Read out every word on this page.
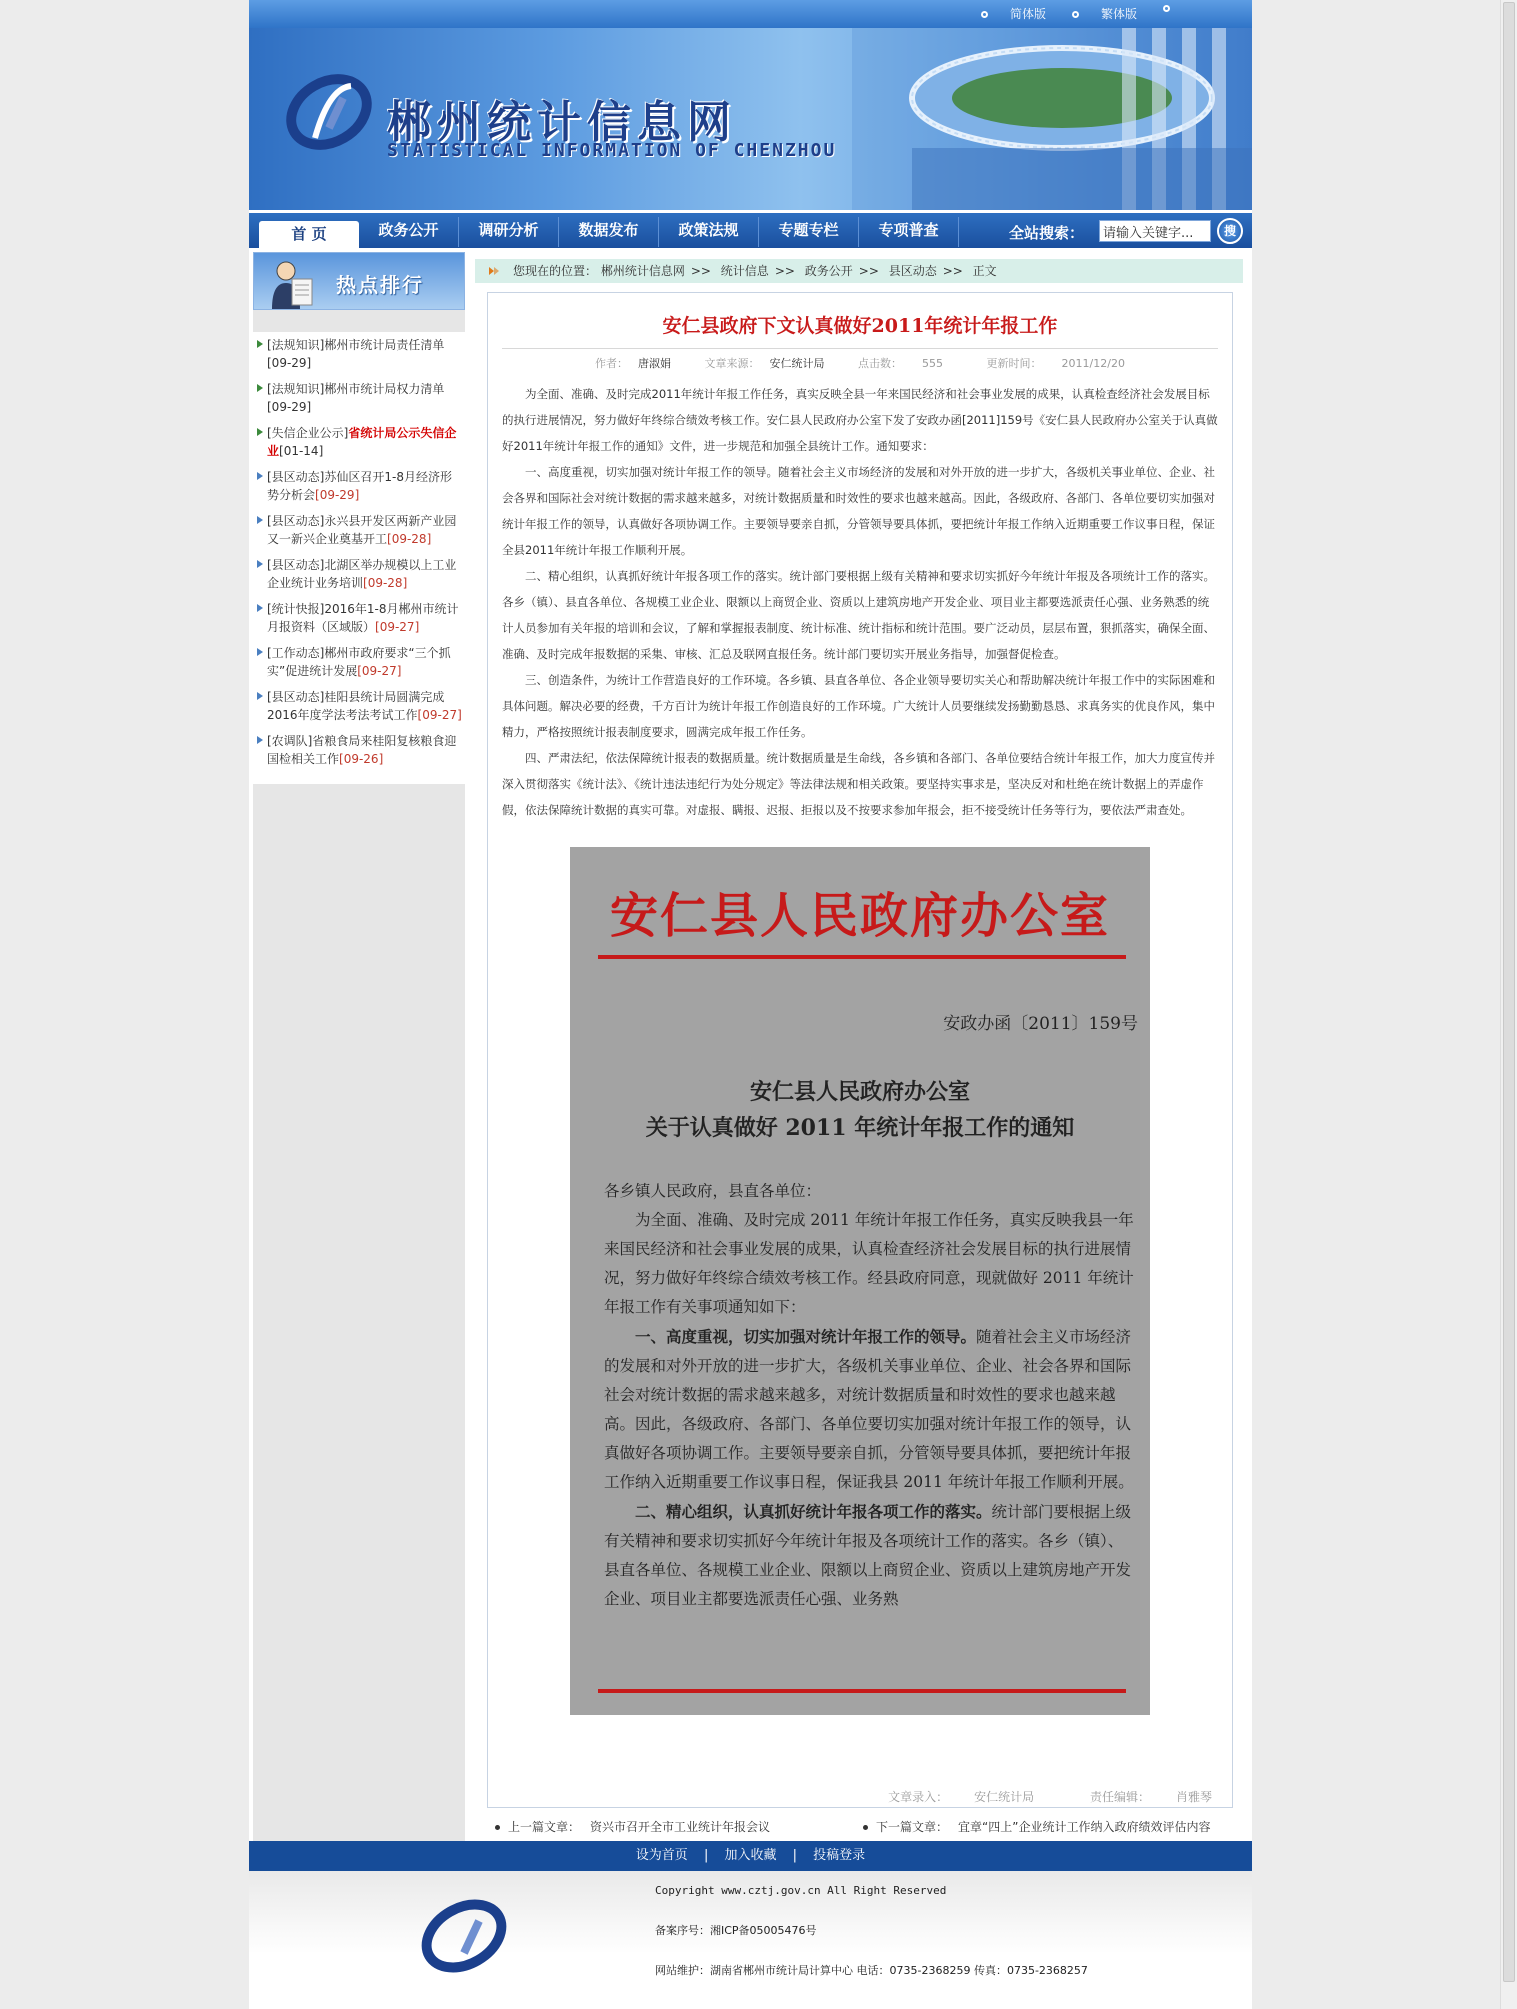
简体版	繁体版
郴州统计信息网
STATISTICAL INFORMATION OF CHENZHOU
首 页	政务公开	调研分析	数据发布	政策法规	专题专栏	专项普查	全站搜索：
请输入关键字...	搜
热点排行
[法规知识]郴州市统计局责任清单
[09-29]
[法规知识]郴州市统计局权力清单
[09-29]
[失信企业公示]省统计局公示失信企业[01-14]
[县区动态]苏仙区召开1-8月经济形势分析会[09-29]
[县区动态]永兴县开发区两新产业园又一新兴企业奠基开工[09-28]
[县区动态]北湖区举办规模以上工业企业统计业务培训[09-28]
[统计快报]2016年1-8月郴州市统计月报资料（区域版）[09-27]
[工作动态]郴州市政府要求“三个抓实”促进统计发展[09-27]
[县区动态]桂阳县统计局圆满完成2016年度学法考法考试工作[09-27]
[农调队]省粮食局来桂阳复核粮食迎国检相关工作[09-26]
您现在的位置： 郴州统计信息网 >> 统计信息 >> 政务公开 >> 县区动态 >> 正文
安仁县政府下文认真做好2011年统计年报工作
作者： 唐淑娟	文章来源： 安仁统计局	点击数： 555	更新时间： 2011/12/20

为全面、准确、及时完成2011年统计年报工作任务，真实反映全县一年来国民经济和社会事业发展的成果，认真检查经济社会发展目标的执行进展情况，努力做好年终综合绩效考核工作。安仁县人民政府办公室下发了安政办函[2011]159号《安仁县人民政府办公室关于认真做好2011年统计年报工作的通知》文件，进一步规范和加强全县统计工作。通知要求：

一、高度重视，切实加强对统计年报工作的领导。随着社会主义市场经济的发展和对外开放的进一步扩大，各级机关事业单位、企业、社会各界和国际社会对统计数据的需求越来越多，对统计数据质量和时效性的要求也越来越高。因此，各级政府、各部门、各单位要切实加强对统计年报工作的领导，认真做好各项协调工作。主要领导要亲自抓，分管领导要具体抓，要把统计年报工作纳入近期重要工作议事日程，保证全县2011年统计年报工作顺利开展。

二、精心组织，认真抓好统计年报各项工作的落实。统计部门要根据上级有关精神和要求切实抓好今年统计年报及各项统计工作的落实。各乡（镇）、县直各单位、各规模工业企业、限额以上商贸企业、资质以上建筑房地产开发企业、项目业主都要选派责任心强、业务熟悉的统计人员参加有关年报的培训和会议，了解和掌握报表制度、统计标准、统计指标和统计范围。要广泛动员，层层布置，狠抓落实，确保全面、准确、及时完成年报数据的采集、审核、汇总及联网直报任务。统计部门要切实开展业务指导，加强督促检查。

三、创造条件，为统计工作营造良好的工作环境。各乡镇、县直各单位、各企业领导要切实关心和帮助解决统计年报工作中的实际困难和具体问题。解决必要的经费，千方百计为统计年报工作创造良好的工作环境。广大统计人员要继续发扬勤勤恳恳、求真务实的优良作风，集中精力，严格按照统计报表制度要求，圆满完成年报工作任务。

四、严肃法纪，依法保障统计报表的数据质量。统计数据质量是生命线，各乡镇和各部门、各单位要结合统计年报工作，加大力度宣传并深入贯彻落实《统计法》、《统计违法违纪行为处分规定》等法律法规和相关政策。要坚持实事求是，坚决反对和杜绝在统计数据上的弄虚作假，依法保障统计数据的真实可靠。对虚报、瞒报、迟报、拒报以及不按要求参加年报会，拒不接受统计任务等行为，要依法严肃查处。

安仁县人民政府办公室
安政办函〔2011〕159号
安仁县人民政府办公室
关于认真做好 2011 年统计年报工作的通知

各乡镇人民政府，县直各单位：

为全面、准确、及时完成 2011 年统计年报工作任务，真实反映我县一年来国民经济和社会事业发展的成果，认真检查经济社会发展目标的执行进展情况，努力做好年终综合绩效考核工作。经县政府同意，现就做好 2011 年统计年报工作有关事项通知如下：

一、高度重视，切实加强对统计年报工作的领导。随着社会主义市场经济的发展和对外开放的进一步扩大，各级机关事业单位、企业、社会各界和国际社会对统计数据的需求越来越多，对统计数据质量和时效性的要求也越来越高。因此，各级政府、各部门、各单位要切实加强对统计年报工作的领导，认真做好各项协调工作。主要领导要亲自抓，分管领导要具体抓，要把统计年报工作纳入近期重要工作议事日程，保证我县 2011 年统计年报工作顺利开展。

二、精心组织，认真抓好统计年报各项工作的落实。统计部门要根据上级有关精神和要求切实抓好今年统计年报及各项统计工作的落实。各乡（镇）、县直各单位、各规模工业企业、限额以上商贸企业、资质以上建筑房地产开发企业、项目业主都要选派责任心强、业务熟

文章录入： 安仁统计局	责任编辑： 肖雅琴
上一篇文章： 资兴市召开全市工业统计年报会议	下一篇文章： 宜章“四上”企业统计工作纳入政府绩效评估内容
设为首页 | 加入收藏 | 投稿登录
Copyright www.cztj.gov.cn All Right Reserved
备案序号：湘ICP备05005476号
网站维护：湖南省郴州市统计局计算中心 电话：0735-2368259 传真：0735-2368257
